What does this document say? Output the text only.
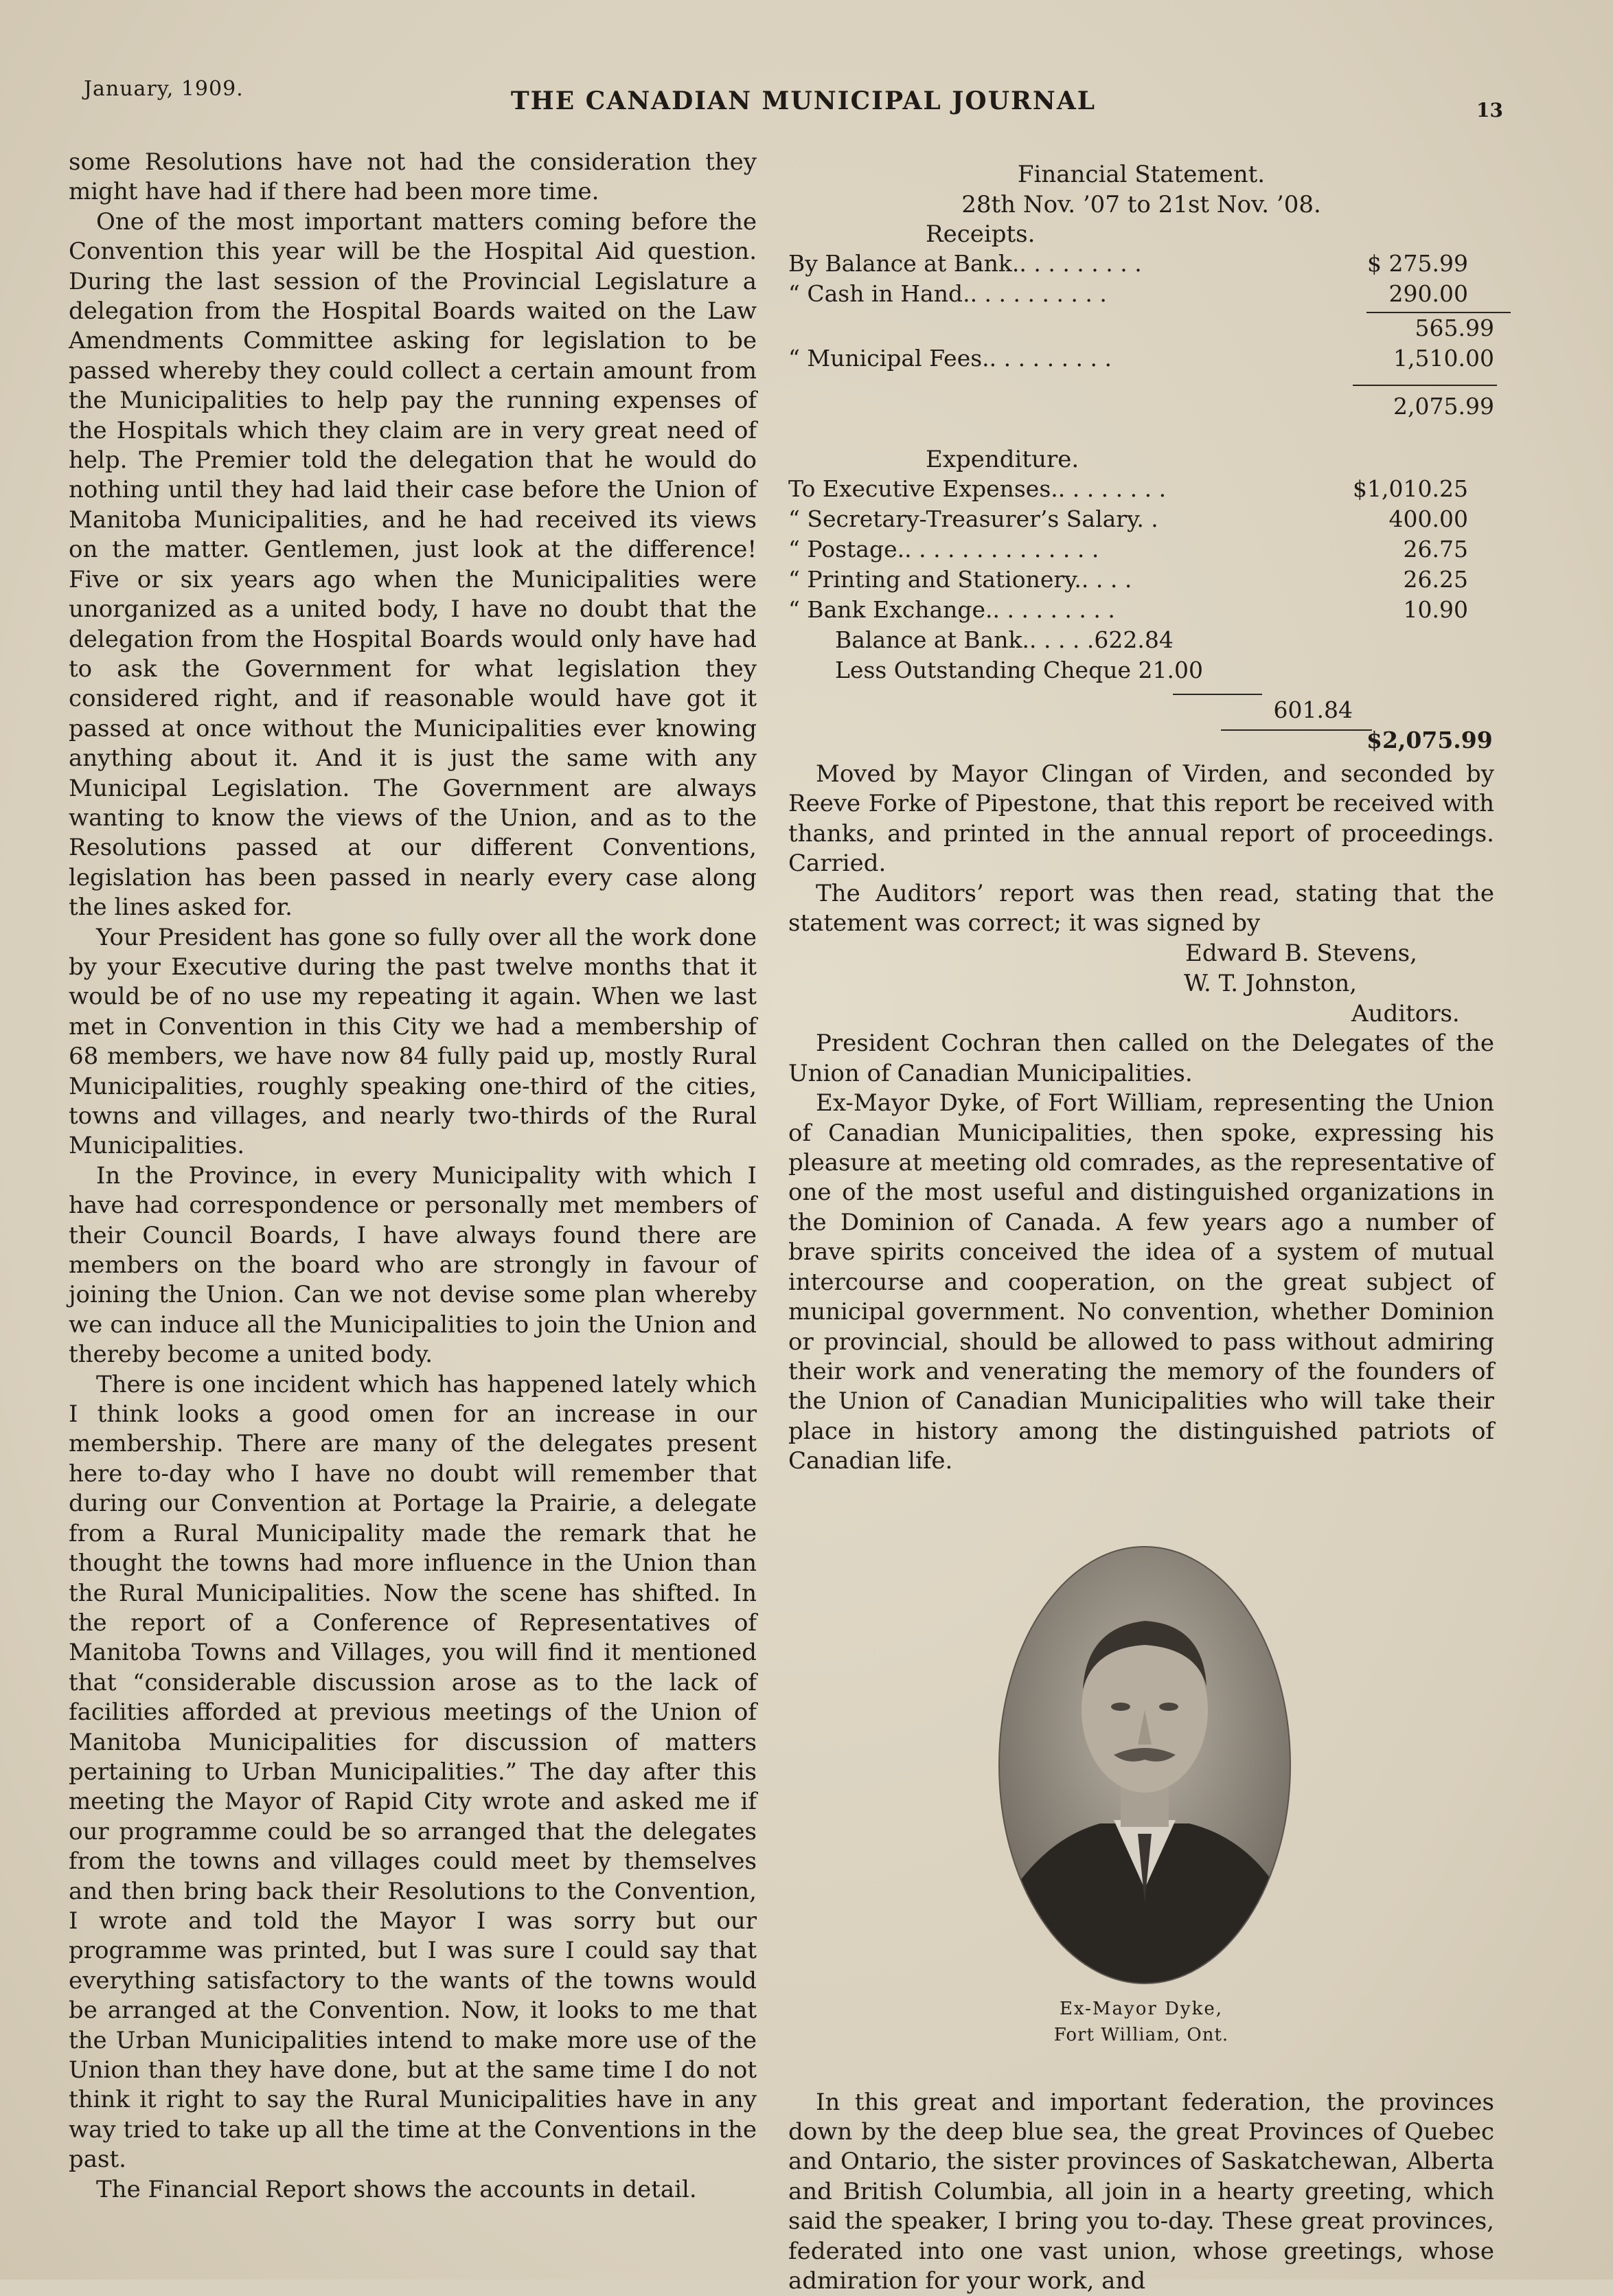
January, 1909.	THE CANADIAN MUNICIPAL JOURNAL	13

some Resolutions have not had the consideration they might have had if there had been more time.

One of the most important matters coming before the Convention this year will be the Hospital Aid question. During the last session of the Provincial Legislature a delegation from the Hospital Boards waited on the Law Amendments Committee asking for legislation to be passed whereby they could collect a certain amount from the Municipalities to help pay the running expenses of the Hospitals which they claim are in very great need of help. The Premier told the delegation that he would do nothing until they had laid their case before the Union of Manitoba Municipalities, and he had received its views on the matter. Gentlemen, just look at the difference! Five or six years ago when the Municipalities were unorganized as a united body, I have no doubt that the delegation from the Hospital Boards would only have had to ask the Government for what legislation they considered right, and if reasonable would have got it passed at once without the Municipalities ever knowing anything about it. And it is just the same with any Municipal Legislation. The Government are always wanting to know the views of the Union, and as to the Resolutions passed at our different Conventions, legislation has been passed in nearly every case along the lines asked for.

Your President has gone so fully over all the work done by your Executive during the past twelve months that it would be of no use my repeating it again. When we last met in Convention in this City we had a membership of 68 members, we have now 84 fully paid up, mostly Rural Municipalities, roughly speaking one-third of the cities, towns and villages, and nearly two-thirds of the Rural Municipalities.

In the Province, in every Municipality with which I have had correspondence or personally met members of their Council Boards, I have always found there are members on the board who are strongly in favour of joining the Union. Can we not devise some plan whereby we can induce all the Municipalities to join the Union and thereby become a united body.

There is one incident which has happened lately which I think looks a good omen for an increase in our membership. There are many of the delegates present here to-day who I have no doubt will remember that during our Convention at Portage la Prairie, a delegate from a Rural Municipality made the remark that he thought the towns had more influence in the Union than the Rural Municipalities. Now the scene has shifted. In the report of a Conference of Representatives of Manitoba Towns and Villages, you will find it mentioned that “considerable discussion arose as to the lack of facilities afforded at previous meetings of the Union of Manitoba Municipalities for discussion of matters pertaining to Urban Municipalities.” The day after this meeting the Mayor of Rapid City wrote and asked me if our programme could be so arranged that the delegates from the towns and villages could meet by themselves and then bring back their Resolutions to the Convention, I wrote and told the Mayor I was sorry but our programme was printed, but I was sure I could say that everything satisfactory to the wants of the towns would be arranged at the Convention. Now, it looks to me that the Urban Municipalities intend to make more use of the Union than they have done, but at the same time I do not think it right to say the Rural Municipalities have in any way tried to take up all the time at the Conventions in the past.

The Financial Report shows the accounts in detail.

Financial Statement.
28th Nov. ’07 to 21st Nov. ’08.
Receipts.
By Balance at Bank.. . . . . . . . .	$ 275.99
“ Cash in Hand.. . . . . . . . . .	290.00
565.99
“ Municipal Fees.. . . . . . . . .	1,510.00
2,075.99
Expenditure.
To Executive Expenses.. . . . . . . .	$1,010.25
“ Secretary-Treasurer’s Salary. .	400.00
“ Postage.. . . . . . . . . . . . . .	26.75
“ Printing and Stationery.. . . .	26.25
“ Bank Exchange.. . . . . . . . .	10.90
Balance at Bank.. . . . .622.84
Less Outstanding Cheque 21.00
601.84
$2,075.99

Moved by Mayor Clingan of Virden, and seconded by Reeve Forke of Pipestone, that this report be received with thanks, and printed in the annual report of proceedings. Carried.

The Auditors’ report was then read, stating that the statement was correct; it was signed by

Edward B. Stevens,
W. T. Johnston,
Auditors.

President Cochran then called on the Delegates of the Union of Canadian Municipalities.

Ex-Mayor Dyke, of Fort William, representing the Union of Canadian Municipalities, then spoke, expressing his pleasure at meeting old comrades, as the representative of one of the most useful and distinguished organizations in the Dominion of Canada. A few years ago a number of brave spirits conceived the idea of a system of mutual intercourse and cooperation, on the great subject of municipal government. No convention, whether Dominion or provincial, should be allowed to pass without admiring their work and venerating the memory of the founders of the Union of Canadian Municipalities who will take their place in history among the distinguished patriots of Canadian life.

Ex-Mayor Dyke,
Fort William, Ont.

In this great and important federation, the provinces down by the deep blue sea, the great Provinces of Quebec and Ontario, the sister provinces of Saskatchewan, Alberta and British Columbia, all join in a hearty greeting, which said the speaker, I bring you to-day. These great provinces, federated into one vast union, whose greetings, whose admiration for your work, and
